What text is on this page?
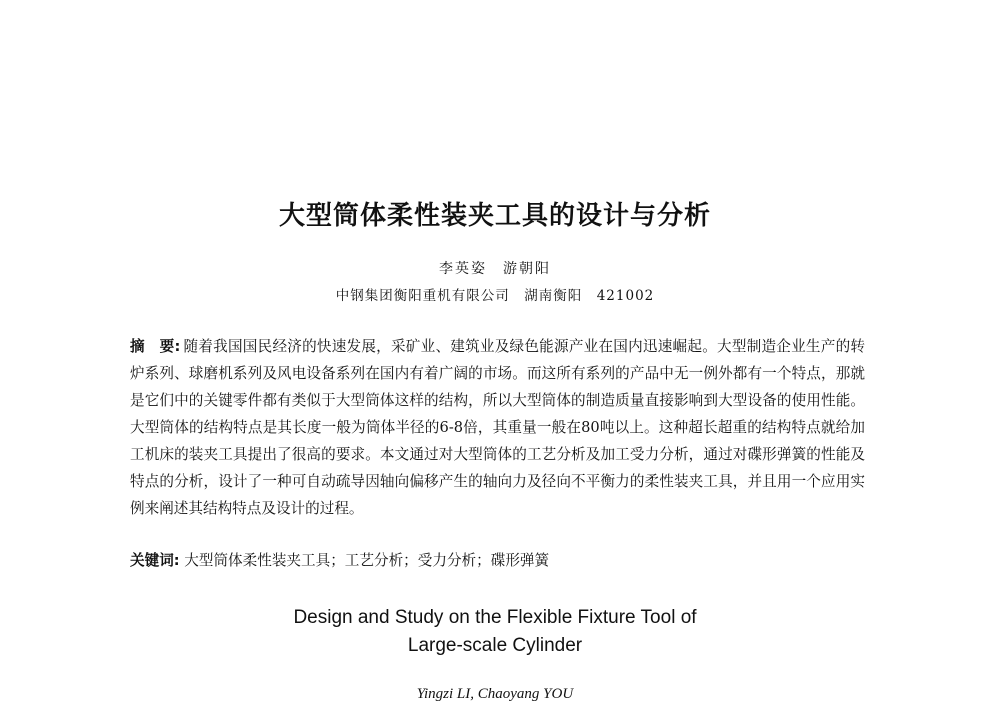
大型筒体柔性装夹工具的设计与分析
李英姿　游朝阳
中钢集团衡阳重机有限公司　湖南衡阳　421002
摘　要: 随着我国国民经济的快速发展，采矿业、建筑业及绿色能源产业在国内迅速崛起。大型制造企业生产的转炉系列、球磨机系列及风电设备系列在国内有着广阔的市场。而这所有系列的产品中无一例外都有一个特点，那就是它们中的关键零件都有类似于大型筒体这样的结构，所以大型筒体的制造质量直接影响到大型设备的使用性能。大型筒体的结构特点是其长度一般为筒体半径的6-8倍，其重量一般在80吨以上。这种超长超重的结构特点就给加工机床的装夹工具提出了很高的要求。本文通过对大型筒体的工艺分析及加工受力分析，通过对碟形弹簧的性能及特点的分析，设计了一种可自动疏导因轴向偏移产生的轴向力及径向不平衡力的柔性装夹工具，并且用一个应用实例来阐述其结构特点及设计的过程。
关键词: 大型筒体柔性装夹工具；工艺分析；受力分析；碟形弹簧
Design and Study on the Flexible Fixture Tool of
Large-scale Cylinder
Yingzi LI, Chaoyang YOU
